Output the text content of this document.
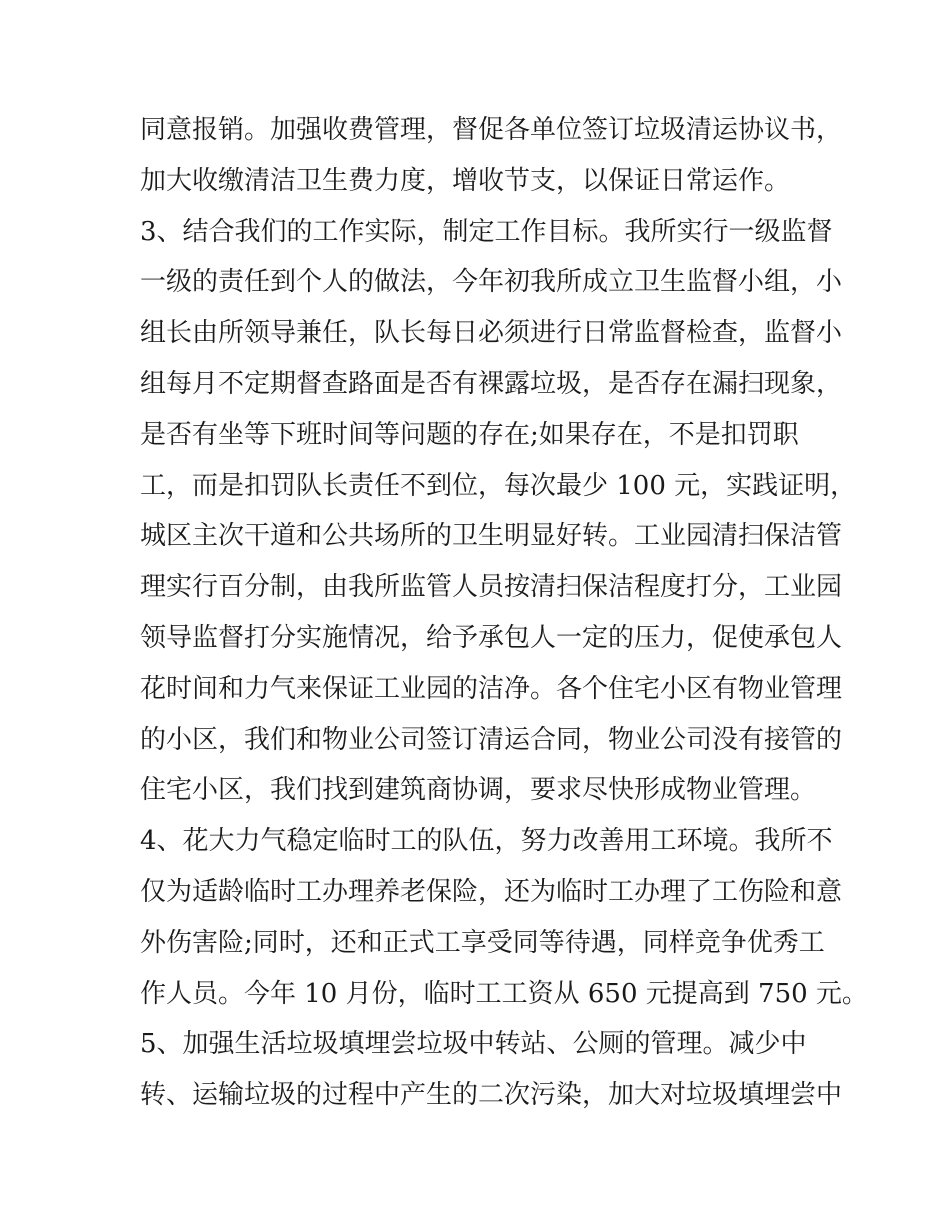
同意报销。加强收费管理，督促各单位签订垃圾清运协议书，
加大收缴清洁卫生费力度，增收节支，以保证日常运作。
3、结合我们的工作实际，制定工作目标。我所实行一级监督
一级的责任到个人的做法，今年初我所成立卫生监督小组，小
组长由所领导兼任，队长每日必须进行日常监督检查，监督小
组每月不定期督查路面是否有裸露垃圾，是否存在漏扫现象，
是否有坐等下班时间等问题的存在;如果存在，不是扣罚职
工，而是扣罚队长责任不到位，每次最少 100 元，实践证明，
城区主次干道和公共场所的卫生明显好转。工业园清扫保洁管
理实行百分制，由我所监管人员按清扫保洁程度打分，工业园
领导监督打分实施情况，给予承包人一定的压力，促使承包人
花时间和力气来保证工业园的洁净。各个住宅小区有物业管理
的小区，我们和物业公司签订清运合同，物业公司没有接管的
住宅小区，我们找到建筑商协调，要求尽快形成物业管理。
4、花大力气稳定临时工的队伍，努力改善用工环境。我所不
仅为适龄临时工办理养老保险，还为临时工办理了工伤险和意
外伤害险;同时，还和正式工享受同等待遇，同样竞争优秀工
作人员。今年 10 月份，临时工工资从 650 元提高到 750 元。
5、加强生活垃圾填埋尝垃圾中转站、公厕的管理。减少中
转、运输垃圾的过程中产生的二次污染，加大对垃圾填埋尝中
